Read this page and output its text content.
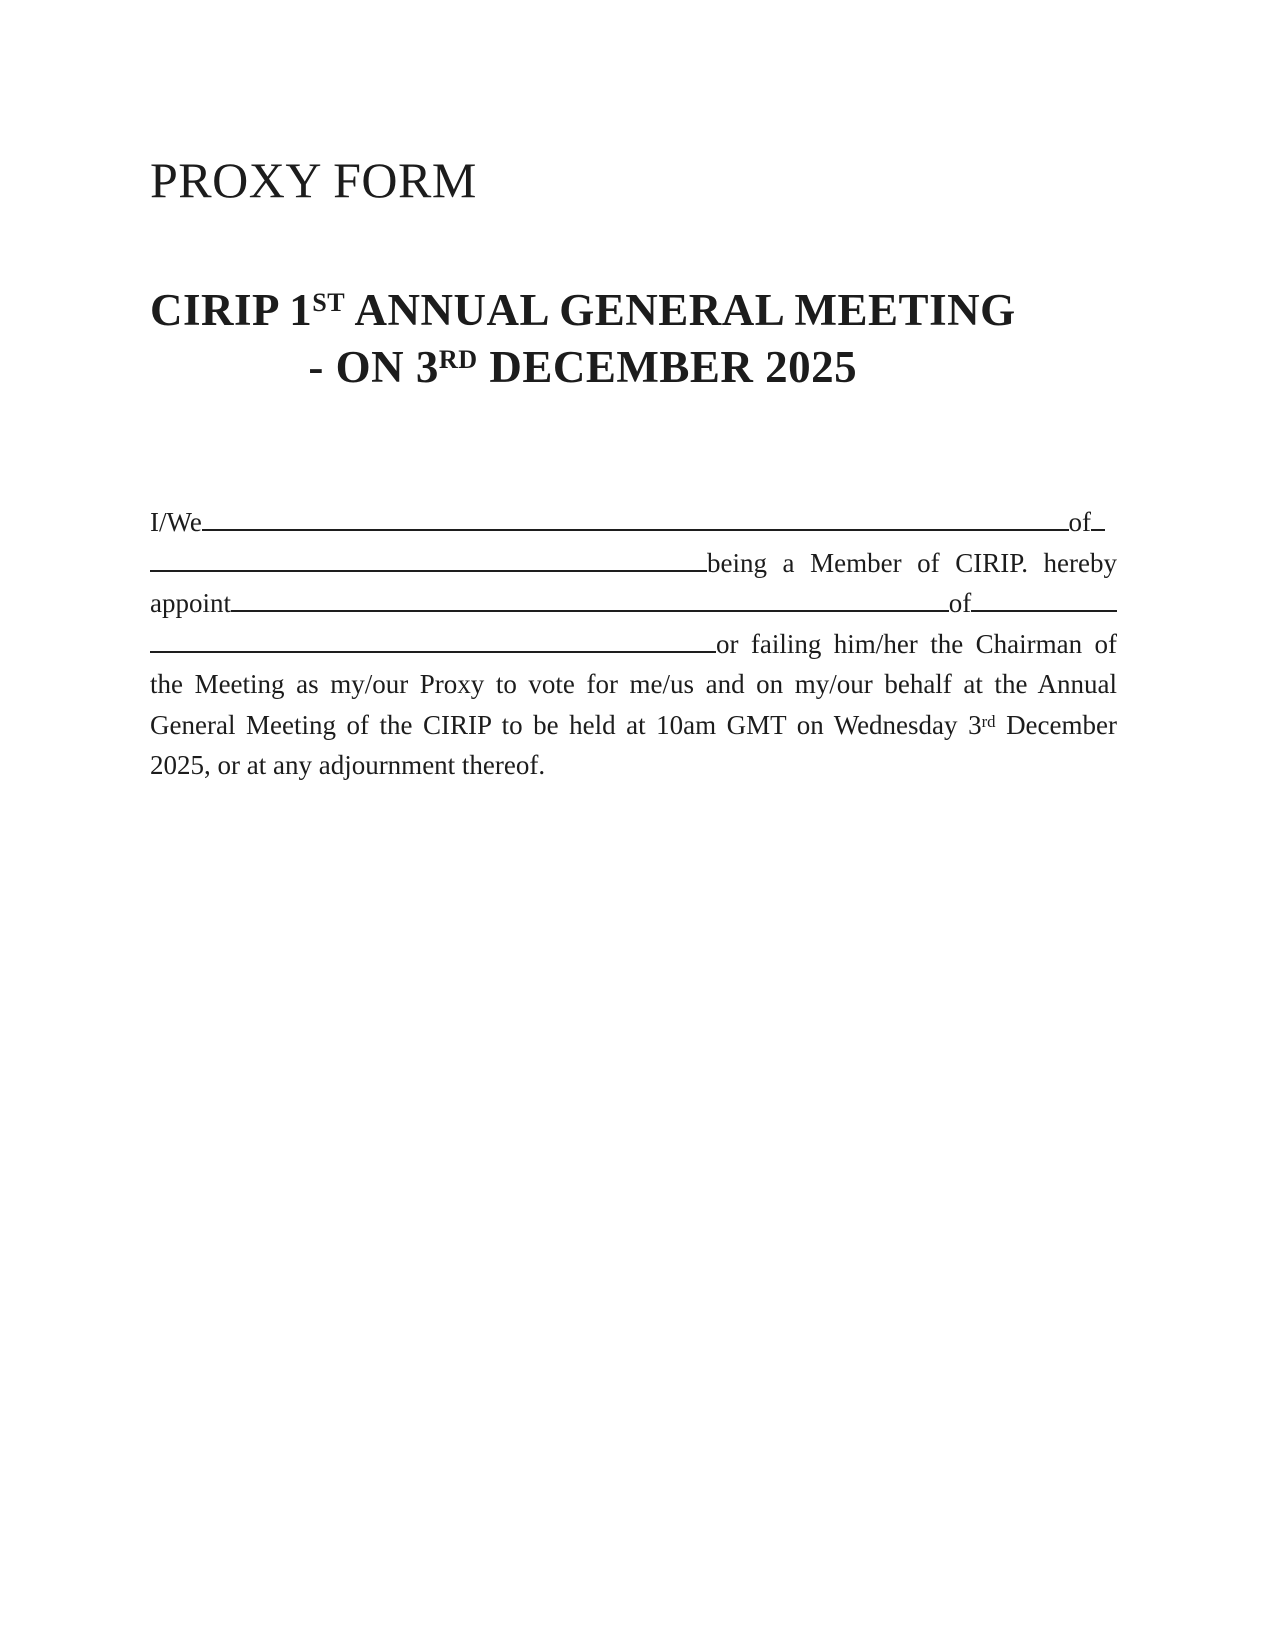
PROXY FORM
CIRIP 1ST ANNUAL GENERAL MEETING
- ON 3RD DECEMBER 2025
I/We	of
being a Member of CIRIP. hereby
appoint	of
or failing him/her the Chairman of
the Meeting as my/our Proxy to vote for me/us and on my/our behalf at the Annual
General Meeting of the CIRIP to be held at 10am GMT on Wednesday 3rd December
2025, or at any adjournment thereof.
